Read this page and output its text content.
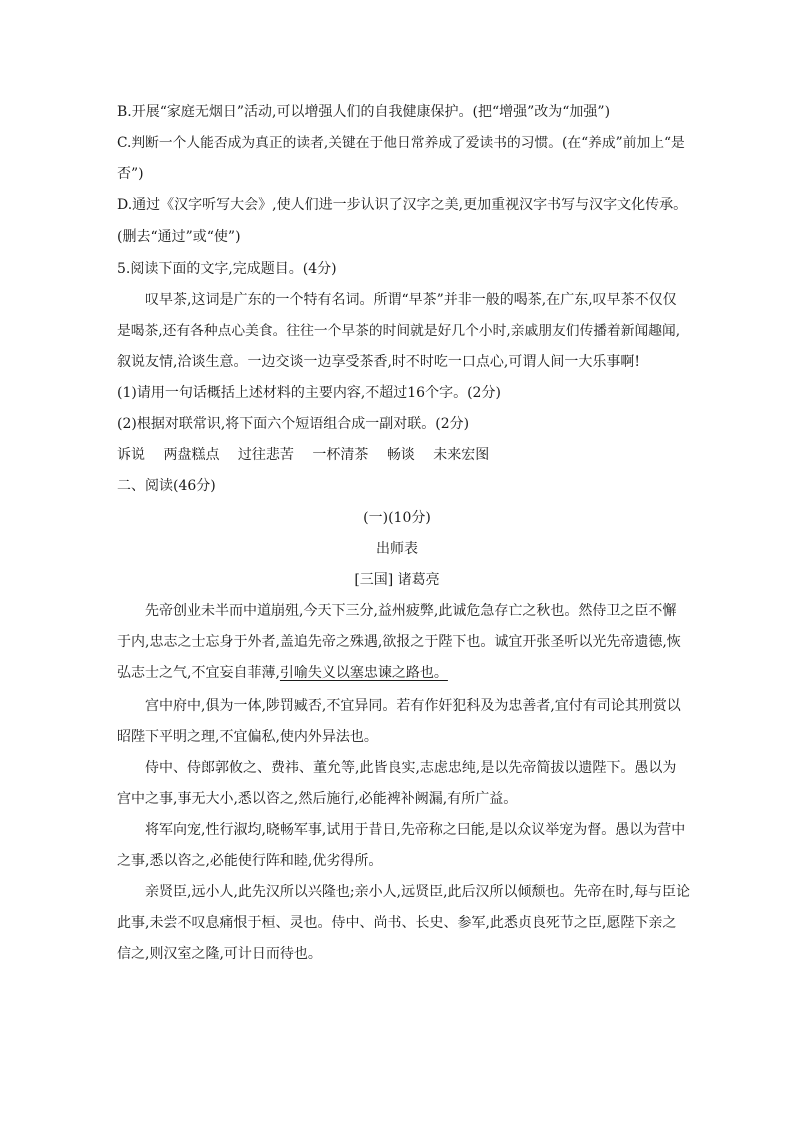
B.开展“家庭无烟日”活动,可以增强人们的自我健康保护。(把“增强”改为“加强”)
C.判断一个人能否成为真正的读者,关键在于他日常养成了爱读书的习惯。(在“养成”前加上“是
否”)
D.通过《汉字听写大会》,使人们进一步认识了汉字之美,更加重视汉字书写与汉字文化传承。
(删去“通过”或“使”)
5.阅读下面的文字,完成题目。(4分)
叹早茶,这词是广东的一个特有名词。所谓“早茶”并非一般的喝茶,在广东,叹早茶不仅仅
是喝茶,还有各种点心美食。往往一个早茶的时间就是好几个小时,亲戚朋友们传播着新闻趣闻,
叙说友情,洽谈生意。一边交谈一边享受茶香,时不时吃一口点心,可谓人间一大乐事啊!
(1)请用一句话概括上述材料的主要内容,不超过16个字。(2分)
(2)根据对联常识,将下面六个短语组合成一副对联。(2分)
诉说 两盘糕点 过往悲苦 一杯清茶 畅谈 未来宏图
二、阅读(46分)
(一)(10分)
出师表
[三国] 诸葛亮
先帝创业未半而中道崩殂,今天下三分,益州疲弊,此诚危急存亡之秋也。然侍卫之臣不懈
于内,忠志之士忘身于外者,盖追先帝之殊遇,欲报之于陛下也。诚宜开张圣听以光先帝遗德,恢
弘志士之气,不宜妄自菲薄,引喻失义以塞忠谏之路也。
宫中府中,俱为一体,陟罚臧否,不宜异同。若有作奸犯科及为忠善者,宜付有司论其刑赏以
昭陛下平明之理,不宜偏私,使内外异法也。
侍中、侍郎郭攸之、费祎、董允等,此皆良实,志虑忠纯,是以先帝简拔以遗陛下。愚以为
宫中之事,事无大小,悉以咨之,然后施行,必能裨补阙漏,有所广益。
将军向宠,性行淑均,晓畅军事,试用于昔日,先帝称之曰能,是以众议举宠为督。愚以为营中
之事,悉以咨之,必能使行阵和睦,优劣得所。
亲贤臣,远小人,此先汉所以兴隆也;亲小人,远贤臣,此后汉所以倾颓也。先帝在时,每与臣论
此事,未尝不叹息痛恨于桓、灵也。侍中、尚书、长史、参军,此悉贞良死节之臣,愿陛下亲之
信之,则汉室之隆,可计日而待也。
